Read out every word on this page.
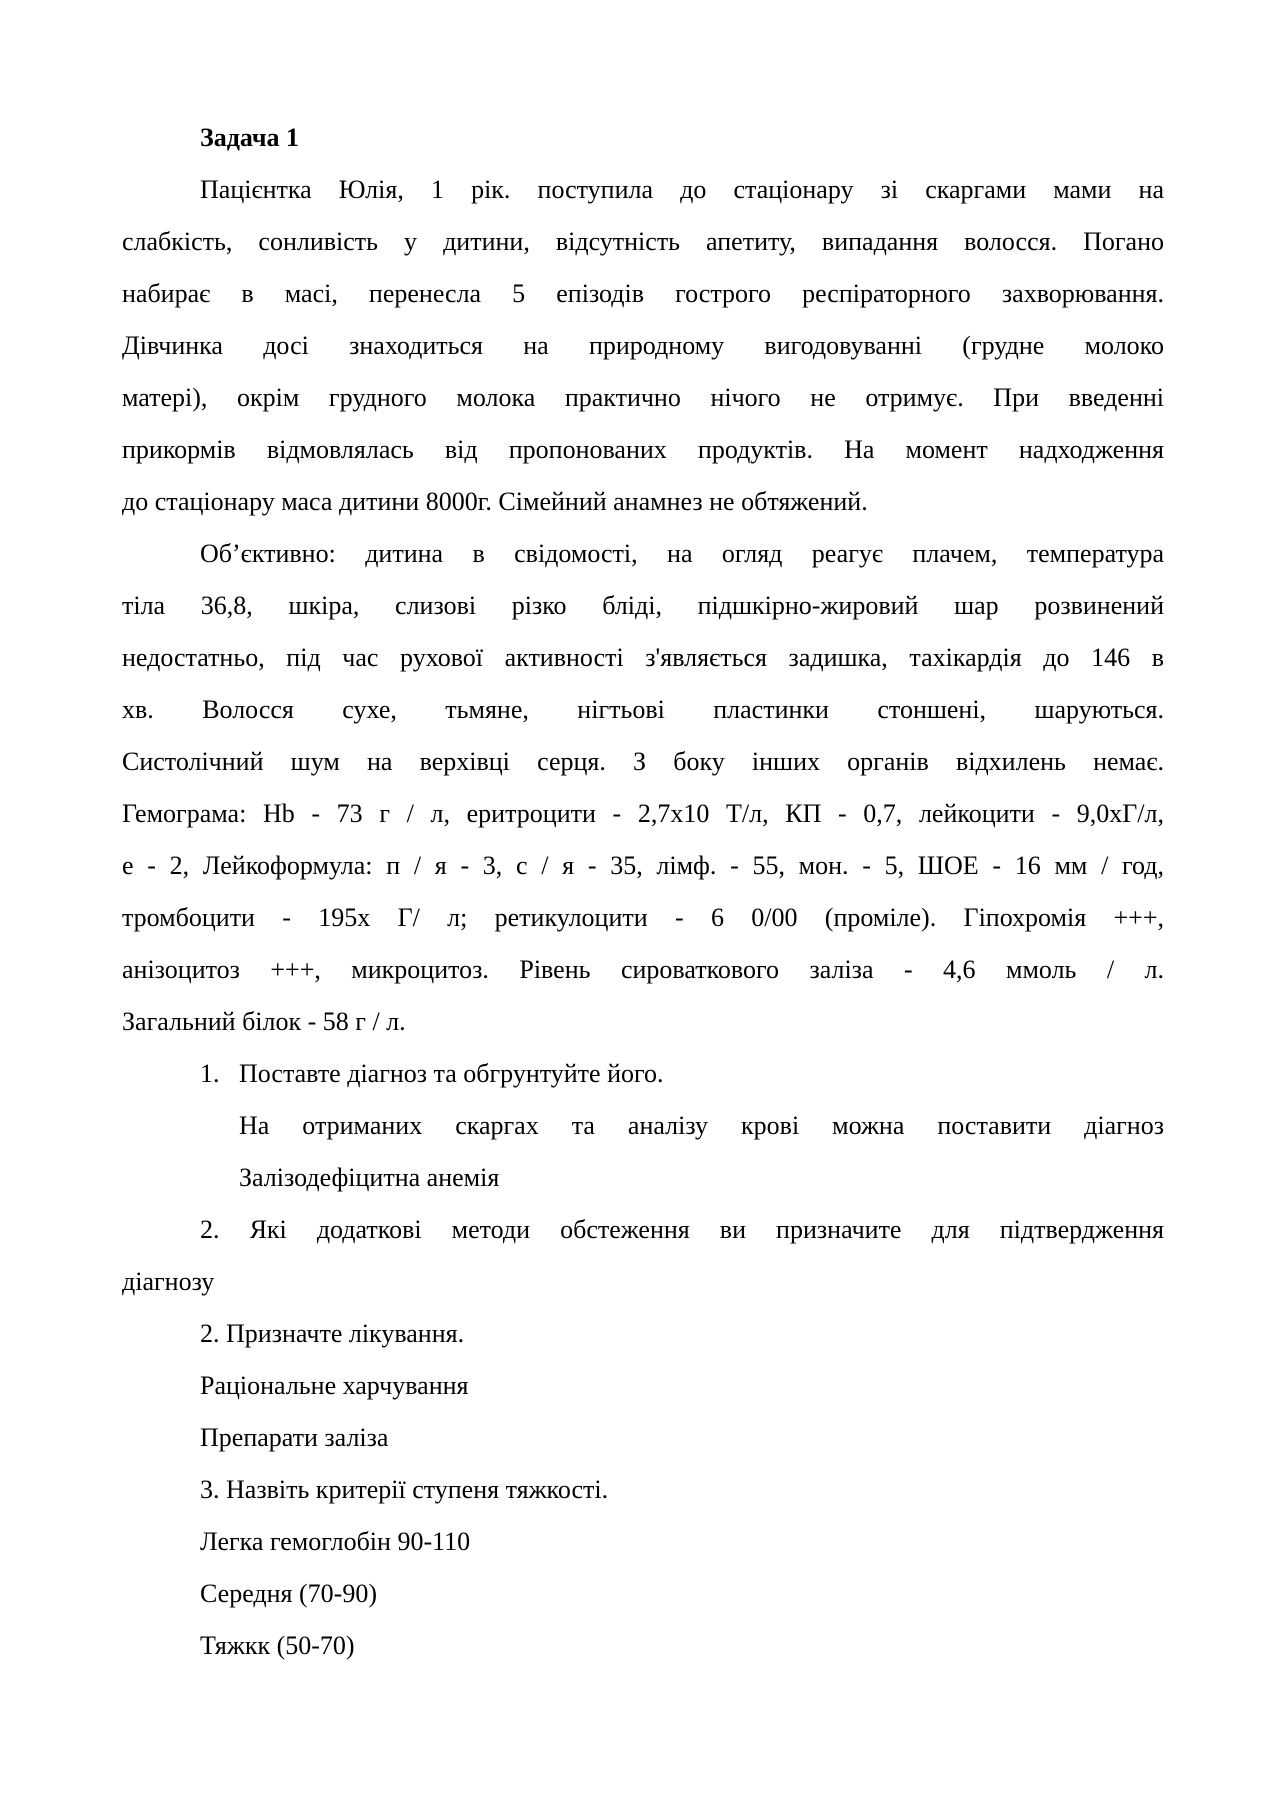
Задача 1
Пацієнтка Юлія, 1 рік. поступила до стаціонару зі скаргами мами на
слабкість, сонливість у дитини, відсутність апетиту, випадання волосся. Погано
набирає в масі, перенесла 5 епізодів гострого респіраторного захворювання.
Дівчинка досі знаходиться на природному вигодовуванні (грудне молоко
матері), окрім грудного молока практично нічого не отримує. При введенні
прикормів відмовлялась від пропонованих продуктів. На момент надходження
до стаціонару маса дитини 8000г. Сімейний анамнез не обтяжений.
Об’єктивно: дитина в свідомості, на огляд реагує плачем, температура
тіла 36,8, шкіра, слизові різко бліді, підшкірно-жировий шар розвинений
недостатньо, під час рухової активності з'являється задишка, тахікардія до 146 в
хв. Волосся сухе, тьмяне, нігтьові пластинки стоншені, шаруються.
Систолічний шум на верхівці серця. З боку інших органів відхилень немає.
Гемограма: Hb - 73 г / л, еритроцити - 2,7x10 Т/л, КП - 0,7, лейкоцити - 9,0хГ/л,
е - 2, Лейкоформула: п / я - 3, с / я - 35, лімф. - 55, мон. - 5, ШОЕ - 16 мм / год,
тромбоцити - 195х Г/ л; ретикулоцити - 6 0/00 (проміле). Гіпохромія +++,
анізоцитоз +++, микроцитоз. Рівень сироваткового заліза - 4,6 ммоль / л.
Загальний білок - 58 г / л.
1. Поставте діагноз та обгрунтуйте його.
На отриманих скаргах та аналізу крові можна поставити діагноз
Залізодефіцитна анемія
2. Які додаткові методи обстеження ви призначите для підтвердження
діагнозу
2. Призначте лікування.
Раціональне харчування
Препарати заліза
3. Назвіть критерії ступеня тяжкості.
Легка гемоглобін 90-110
Середня (70-90)
Тяжкк (50-70)
